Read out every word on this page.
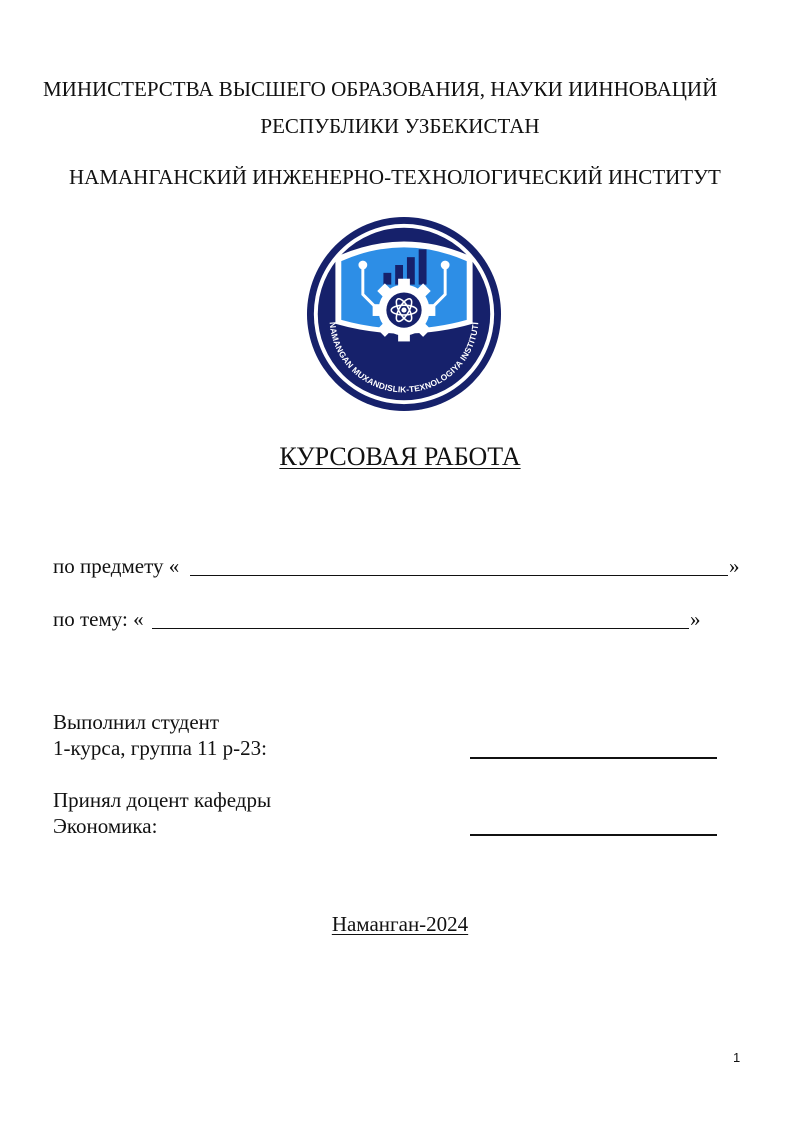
МИНИСТЕРСТВА ВЫСШЕГО ОБРАЗОВАНИЯ, НАУКИ ИИННОВАЦИЙ
РЕСПУБЛИКИ УЗБЕКИСТАН
НАМАНГАНСКИЙ ИНЖЕНЕРНО-ТЕХНОЛОГИЧЕСКИЙ ИНСТИТУТ
NAMANGAN MUXANDISLIK-TEXNOLOGIYA INSTITUTI
КУРСОВАЯ РАБОТА
по предмету «	»
по тему: «	»
Выполнил студент
1-курса, группа 11 р-23:
Принял доцент кафедры
Экономика:
Наманган-2024
1
